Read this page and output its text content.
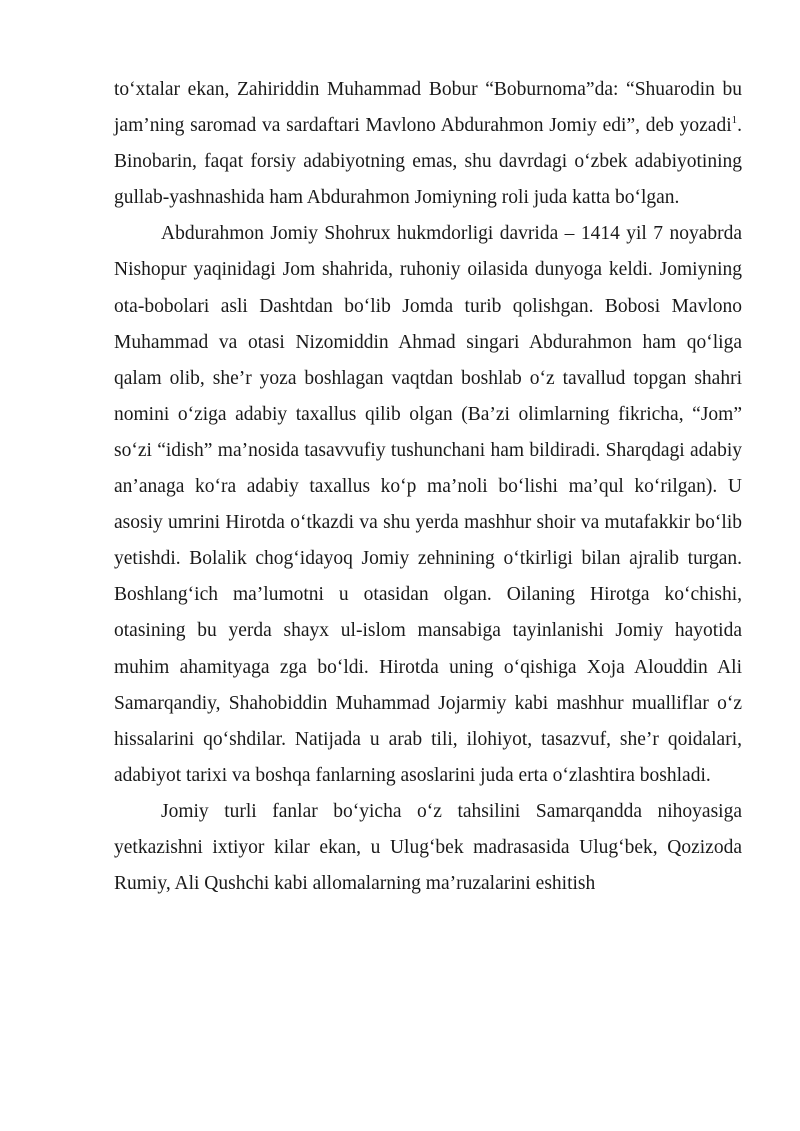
to‘xtalar ekan, Zahiriddin Muhammad Bobur “Boburnoma”da: “Shuarodin bu jam’ning saromad va sardaftari Mavlono Abdurahmon Jomiy edi”, deb yozadi$^1$. Binobarin, faqat forsiy adabiyotning emas, shu davrdagi o‘zbek adabiyotining gullab-yashnashida ham Abdurahmon Jomiyning roli juda katta bo‘lgan.

Abdurahmon Jomiy Shohrux hukmdorligi davrida – 1414 yil 7 noyabrda Nishopur yaqinidagi Jom shahrida, ruhoniy oilasida dunyoga keldi. Jomiyning ota-bobolari asli Dashtdan bo‘lib Jomda turib qolishgan. Bobosi Mavlono Muhammad va otasi Nizomiddin Ahmad singari Abdurahmon ham qo‘liga qalam olib, she’r yoza boshlagan vaqtdan boshlab o‘z tavallud topgan shahri nomini o‘ziga adabiy taxallus qilib olgan (Ba’zi olimlarning fikricha, “Jom” so‘zi “idish” ma’nosida tasavvufiy tushunchani ham bildiradi. Sharqdagi adabiy an’anaga ko‘ra adabiy taxallus ko‘p ma’noli bo‘lishi ma’qul ko‘rilgan). U asosiy umrini Hirotda o‘tkazdi va shu yerda mashhur shoir va mutafakkir bo‘lib yetishdi. Bolalik chog‘idayoq Jomiy zehnining o‘tkirligi bilan ajralib turgan. Boshlang‘ich ma’lumotni u otasidan olgan. Oilaning Hirotga ko‘chishi, otasining bu yerda shayx ul-islom mansabiga tayinlanishi Jomiy hayotida muhim ahamityaga zga bo‘ldi. Hirotda uning o‘qishiga Xoja Alouddin Ali Samarqandiy, Shahobiddin Muhammad Jojarmiy kabi mashhur mualliflar o‘z hissalarini qo‘shdilar. Natijada u arab tili, ilohiyot, tasazvuf, she’r qoidalari, adabiyot tarixi va boshqa fanlarning asoslarini juda erta o‘zlashtira boshladi.

Jomiy turli fanlar bo‘yicha o‘z tahsilini Samarqandda nihoyasiga yetkazishni ixtiyor kilar ekan, u Ulug‘bek madrasasida Ulug‘bek, Qozizoda Rumiy, Ali Qushchi kabi allomalarning ma’ruzalarini eshitish
